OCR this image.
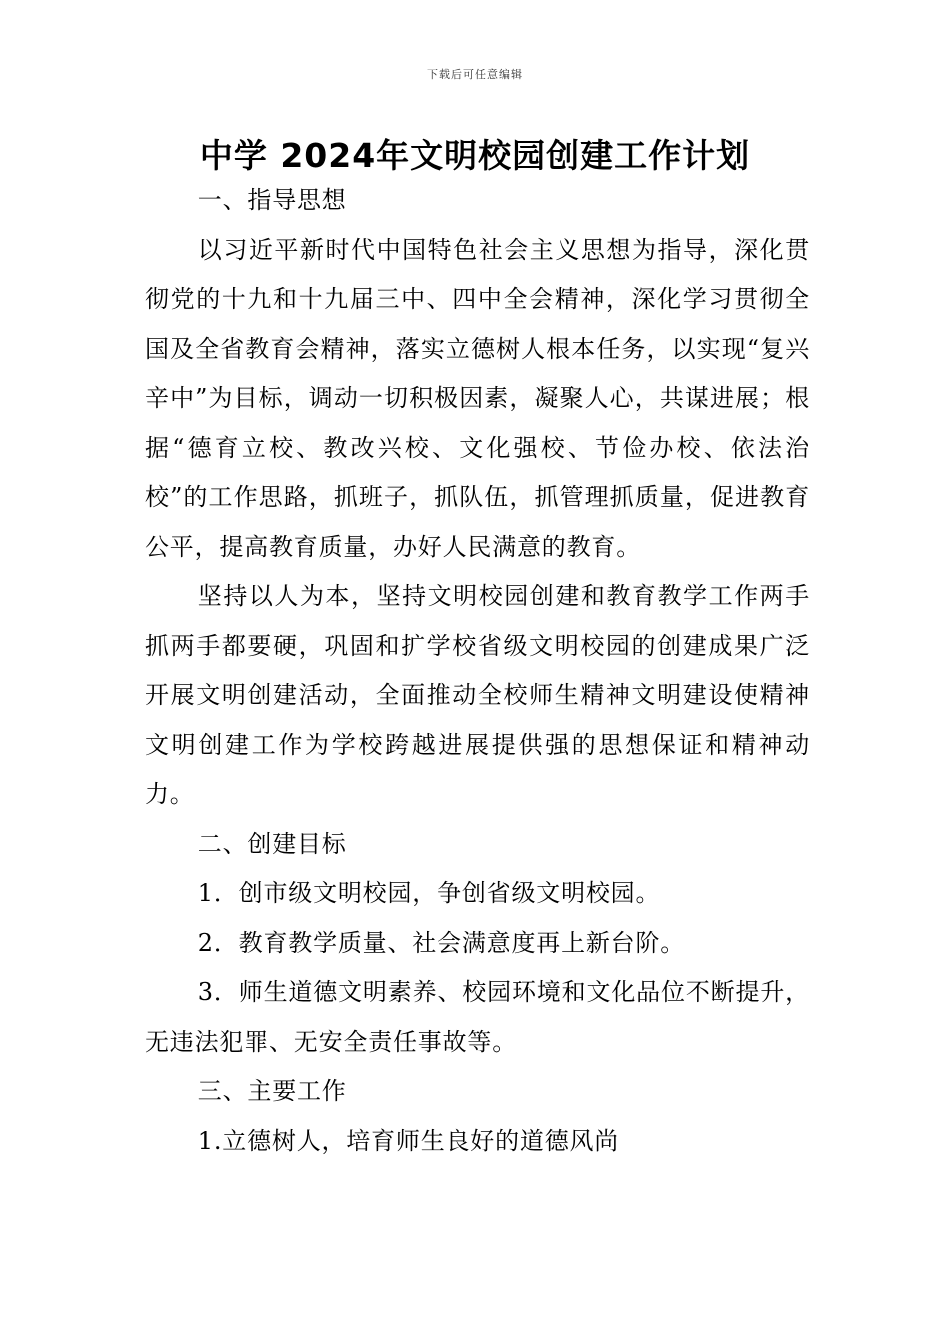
下载后可任意编辑
中学 2024年文明校园创建工作计划

一、指导思想

以习近平新时代中国特色社会主义思想为指导，深化贯彻党的十九和十九届三中、四中全会精神，深化学习贯彻全国及全省教育会精神，落实立德树人根本任务，以实现“复兴辛中”为目标，调动一切积极因素，凝聚人心，共谋进展；根据“德育立校、教改兴校、文化强校、节俭办校、依法治校”的工作思路，抓班子，抓队伍，抓管理抓质量，促进教育公平，提高教育质量，办好人民满意的教育。

坚持以人为本，坚持文明校园创建和教育教学工作两手抓两手都要硬，巩固和扩学校省级文明校园的创建成果广泛开展文明创建活动，全面推动全校师生精神文明建设使精神文明创建工作为学校跨越进展提供强的思想保证和精神动力。

二、创建目标

1．创市级文明校园，争创省级文明校园。

2．教育教学质量、社会满意度再上新台阶。

3．师生道德文明素养、校园环境和文化品位不断提升，无违法犯罪、无安全责任事故等。

三、主要工作

1.立德树人，培育师生良好的道德风尚
